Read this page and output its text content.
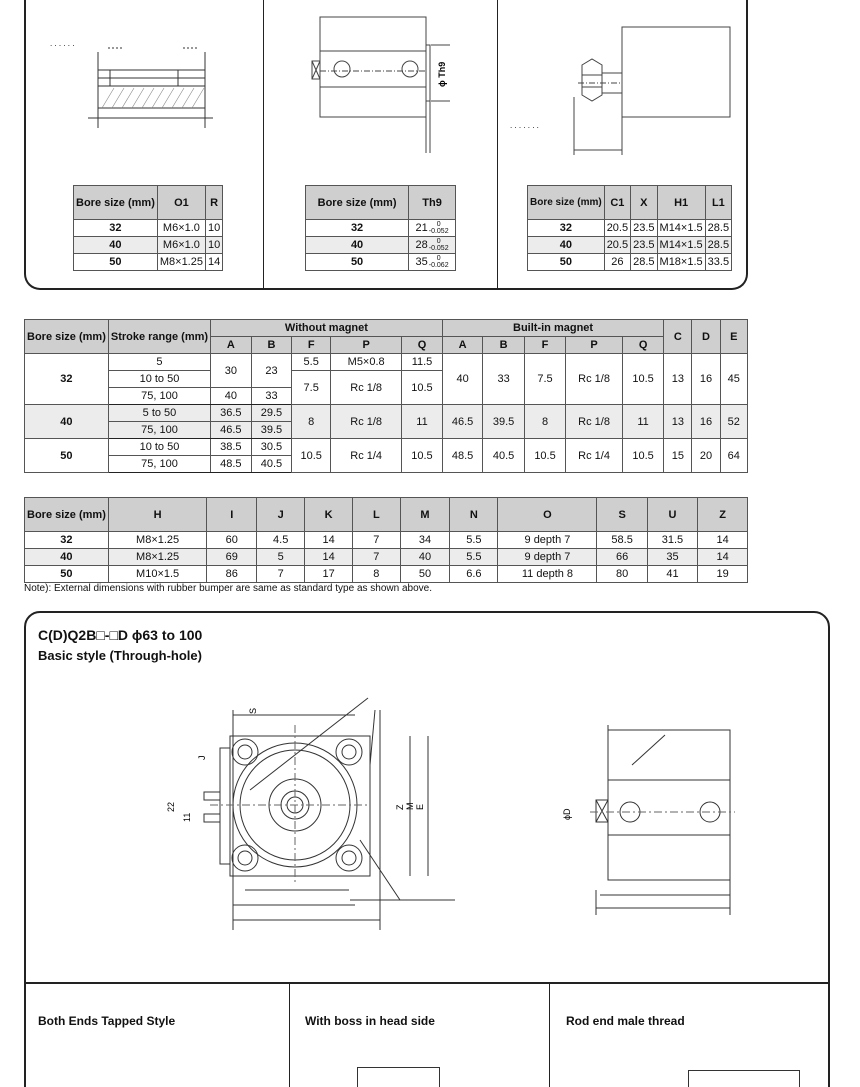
. . . . . .
ϕ Th9
. . . . . . .
Bore size (mm)	O1	R
32	M6×1.0	10
40	M6×1.0	10
50	M8×1.25	14
Bore size (mm)	Th9
32	21 0
-0.052

40	28 0
-0.052

50	35 0
-0.062
Bore size (mm)	C1	X	H1	L1
32	20.5	23.5	M14×1.5	28.5
40	20.5	23.5	M14×1.5	28.5
50	26	28.5	M18×1.5	33.5
Bore size (mm)	Stroke range (mm)	Without magnet					Built-in magnet					C	D	E
		A	B	F	P	Q	A	B	F	P	Q			
32	5	30	23	5.5	M5×0.8	11.5	40	33	7.5	Rc 1/8	10.5	13	16	45
	10 to 50			7.5	Rc 1/8	10.5								
	75, 100	40	33											
40	5 to 50	36.5	29.5	8	Rc 1/8	11	46.5	39.5	8	Rc 1/8	11	13	16	52
	75, 100	46.5	39.5											
50	10 to 50	38.5	30.5	10.5	Rc 1/4	10.5	48.5	40.5	10.5	Rc 1/4	10.5	15	20	64
	75, 100	48.5	40.5											
Bore size (mm)	H	I	J	K	L	M	N	O	S	U	Z
32	M8×1.25	60	4.5	14	7	34	5.5	9 depth 7	58.5	31.5	14
40	M8×1.25	69	5	14	7	40	5.5	9 depth 7	66	35	14
50	M10×1.5	86	7	17	8	50	6.6	11 depth 8	80	41	19
Note): External dimensions with rubber bumper are same as standard type as shown above.
C(D)Q2B□-□D ϕ63 to 100
Basic style (Through-hole)
S
J
22
11
Z M E
ϕD
Both Ends Tapped Style	With boss in head side	Rod end male thread
